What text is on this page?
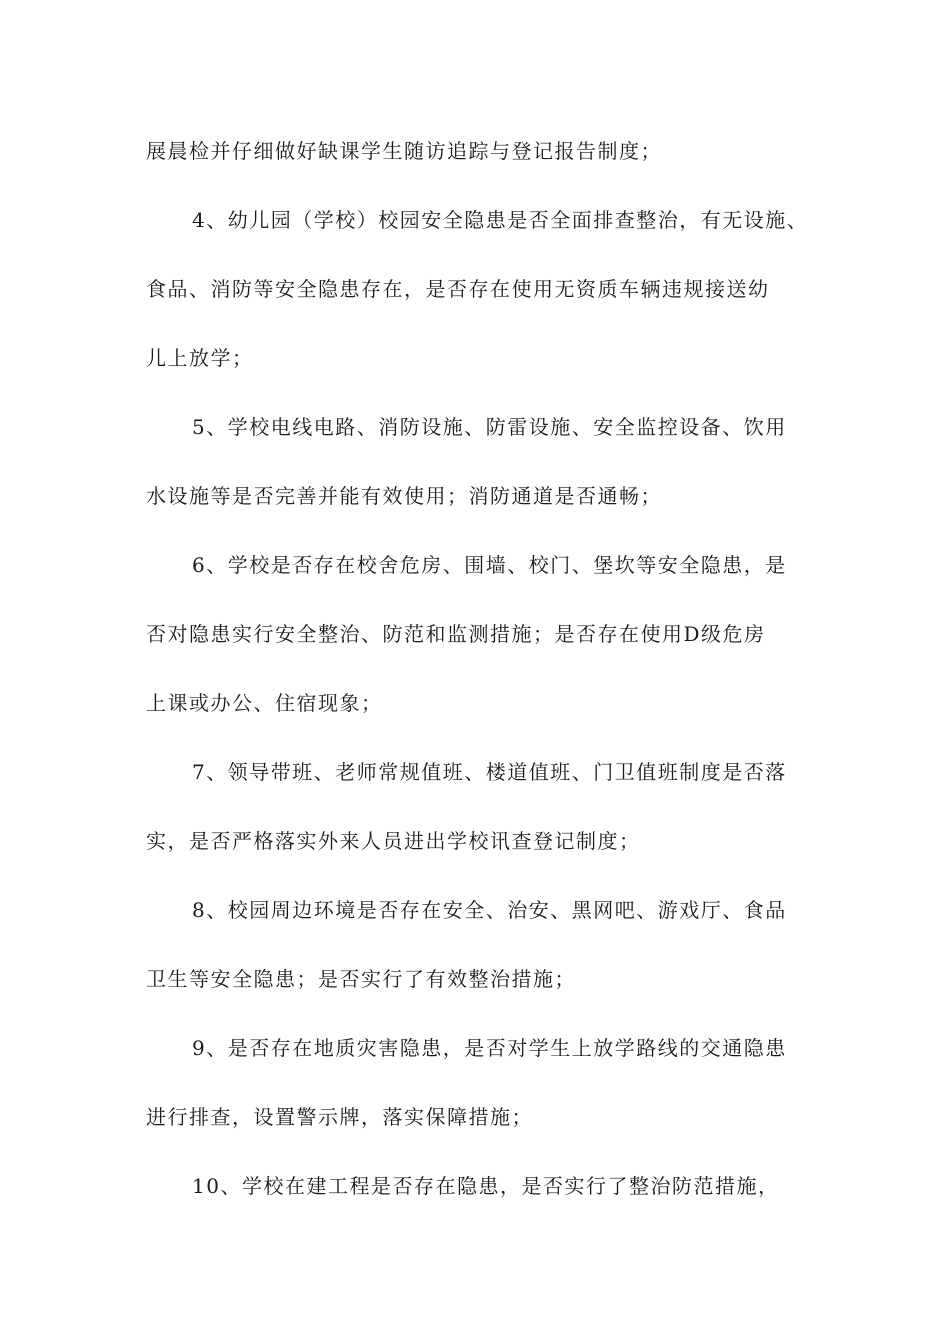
展晨检并仔细做好缺课学生随访追踪与登记报告制度；
4、幼儿园（学校）校园安全隐患是否全面排查整治，有无设施、
食品、消防等安全隐患存在，是否存在使用无资质车辆违规接送幼
儿上放学；
5、学校电线电路、消防设施、防雷设施、安全监控设备、饮用
水设施等是否完善并能有效使用；消防通道是否通畅；
6、学校是否存在校舍危房、围墙、校门、堡坎等安全隐患，是
否对隐患实行安全整治、防范和监测措施；是否存在使用D级危房
上课或办公、住宿现象；
7、领导带班、老师常规值班、楼道值班、门卫值班制度是否落
实，是否严格落实外来人员进出学校讯查登记制度；
8、校园周边环境是否存在安全、治安、黑网吧、游戏厅、食品
卫生等安全隐患；是否实行了有效整治措施；
9、是否存在地质灾害隐患，是否对学生上放学路线的交通隐患
进行排查，设置警示牌，落实保障措施；
10、学校在建工程是否存在隐患，是否实行了整治防范措施，
